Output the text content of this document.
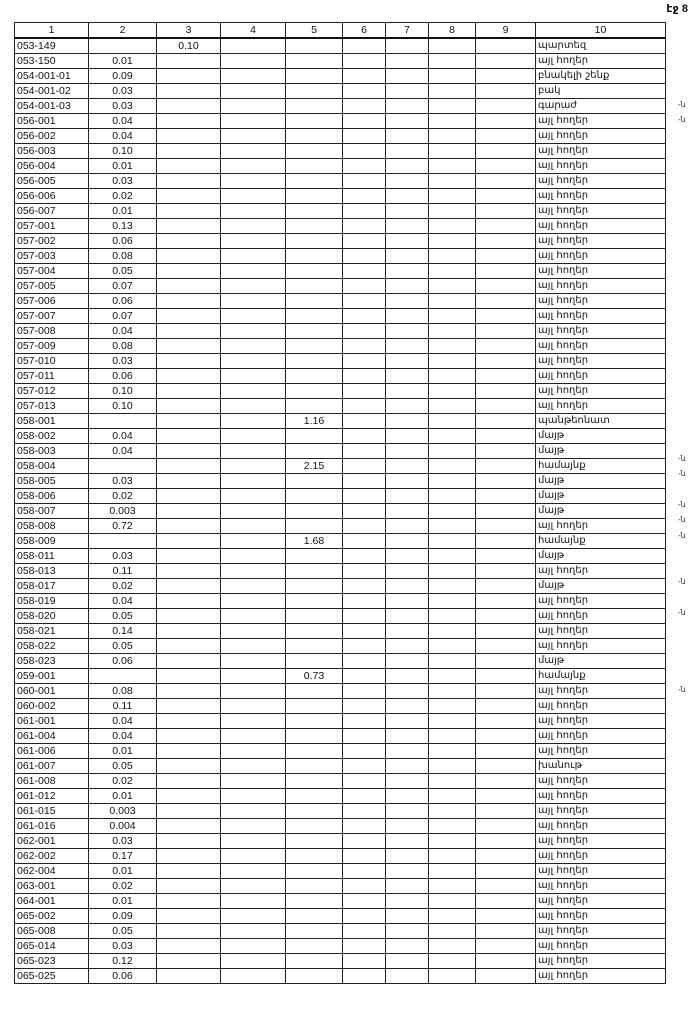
էջ 8
1	2	3	4	5	6	7	8	9	10
053-149		0.10							պարտեզ
053-150	0.01								այլ հողեր
054-001-01	0.09								բնակելի շենք
054-001-02	0.03								բակ
054-001-03	0.03								գարաժ
056-001	0.04								այլ հողեր
056-002	0.04								այլ հողեր
056-003	0.10								այլ հողեր
056-004	0.01								այլ հողեր
056-005	0.03								այլ հողեր
056-006	0.02								այլ հողեր
056-007	0.01								այլ հողեր
057-001	0.13								այլ հողեր
057-002	0.06								այլ հողեր
057-003	0.08								այլ հողեր
057-004	0.05								այլ հողեր
057-005	0.07								այլ հողեր
057-006	0.06								այլ հողեր
057-007	0.07								այլ հողեր
057-008	0.04								այլ հողեր
057-009	0.08								այլ հողեր
057-010	0.03								այլ հողեր
057-011	0.06								այլ հողեր
057-012	0.10								այլ հողեր
057-013	0.10								այլ հողեր
058-001				1.16					պանթեոնատ
058-002	0.04								մայթ
058-003	0.04								մայթ
058-004				2.15					համայնք
058-005	0.03								մայթ
058-006	0.02								մայթ
058-007	0.003								մայթ
058-008	0.72								այլ հողեր
058-009				1.68					համայնք
058-011	0.03								մայթ
058-013	0.11								այլ հողեր
058-017	0.02								մայթ
058-019	0.04								այլ հողեր
058-020	0.05								այլ հողեր
058-021	0.14								այլ հողեր
058-022	0.05								այլ հողեր
058-023	0.06								մայթ
059-001				0.73					համայնք
060-001	0.08								այլ հողեր
060-002	0.11								այլ հողեր
061-001	0.04								այլ հողեր
061-004	0.04								այլ հողեր
061-006	0.01								այլ հողեր
061-007	0.05								խանութ
061-008	0.02								այլ հողեր
061-012	0.01								այլ հողեր
061-015	0.003								այլ հողեր
061-016	0.004								այլ հողեր
062-001	0.03								այլ հողեր
062-002	0.17								այլ հողեր
062-004	0.01								այլ հողեր
063-001	0.02								այլ հողեր
064-001	0.01								այլ հողեր
065-002	0.09								այլ հողեր
065-008	0.05								այլ հողեր
065-014	0.03								այլ հողեր
065-023	0.12								այլ հողեր
065-025	0.06								այլ հողեր
-ն
-ն
-ն
-ն
-ն
-ն
-ն
-ն
-ն
-ն
